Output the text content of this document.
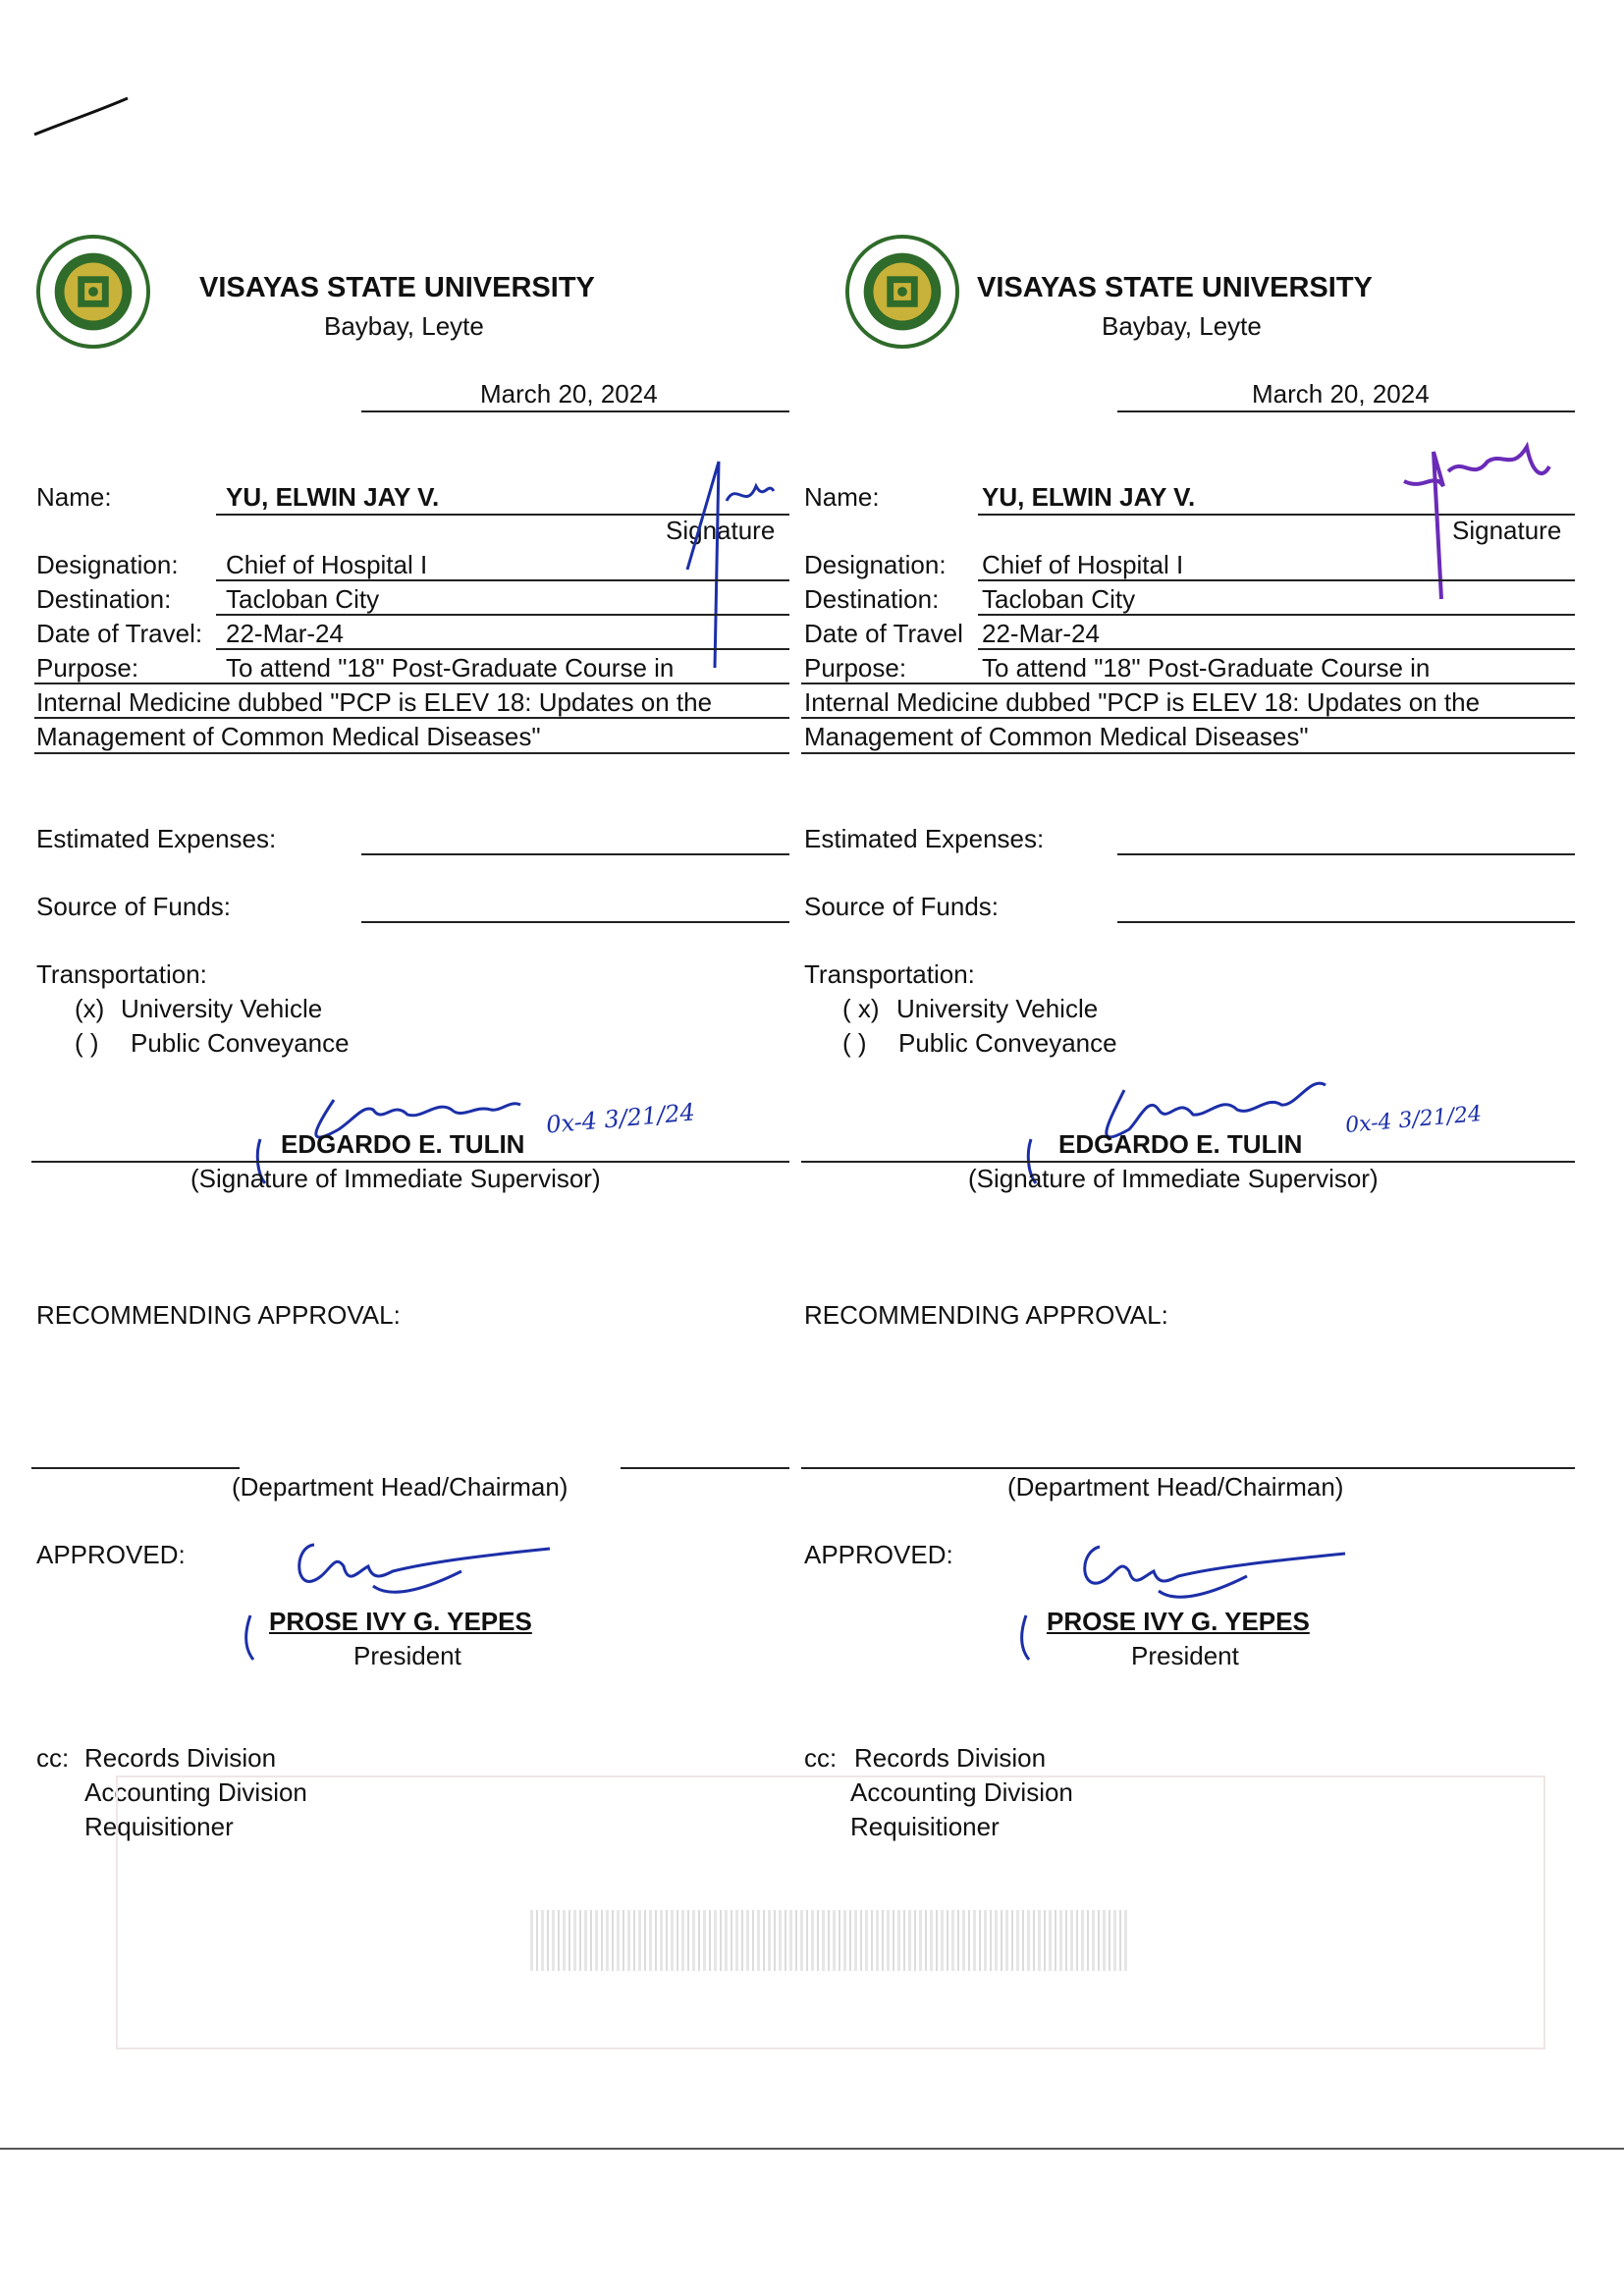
VISAYAS STATE UNIVERSITY
Baybay, Leyte
March 20, 2024
Name:	YU, ELWIN JAY V.
Signature
Designation: Chief of Hospital I
Destination: Tacloban City
Date of Travel: 22-Mar-24
Purpose:	To attend "18" Post-Graduate Course in
Internal Medicine dubbed "PCP is ELEV 18: Updates on the
Management of Common Medical Diseases"
Estimated Expenses:
Source of Funds:
Transportation:
(x) University Vehicle
( ) Public Conveyance
0x-4 3/21/24
EDGARDO E. TULIN
(Signature of Immediate Supervisor)
RECOMMENDING APPROVAL:
(Department Head/Chairman)
APPROVED:
PROSE IVY G. YEPES
President
cc: Records Division
Accounting Division
Requisitioner
VISAYAS STATE UNIVERSITY
Baybay, Leyte
March 20, 2024
Name:	YU, ELWIN JAY V.
Signature
Designation: Chief of Hospital I
Destination: Tacloban City
Date of Travel 22-Mar-24
Purpose:	To attend "18" Post-Graduate Course in
Internal Medicine dubbed "PCP is ELEV 18: Updates on the
Management of Common Medical Diseases"
Estimated Expenses:
Source of Funds:
Transportation:
( x) University Vehicle
( ) Public Conveyance
0x-4 3/21/24
EDGARDO E. TULIN
(Signature of Immediate Supervisor)
RECOMMENDING APPROVAL:
(Department Head/Chairman)
APPROVED:
PROSE IVY G. YEPES
President
cc: Records Division
Accounting Division
Requisitioner
